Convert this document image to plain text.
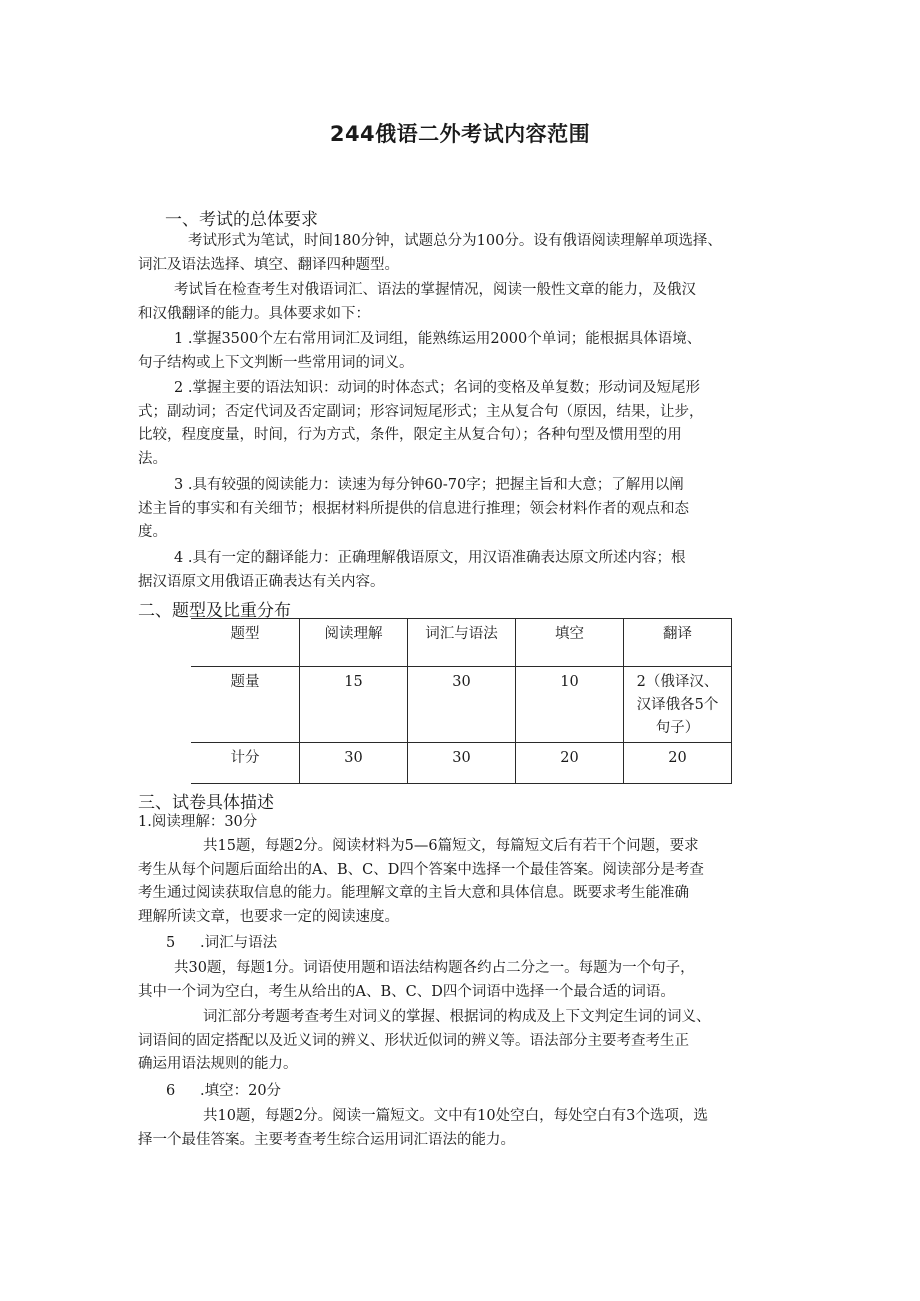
244俄语二外考试内容范围
一、考试的总体要求
考试形式为笔试，时间180分钟，试题总分为100分。设有俄语阅读理解单项选择、
词汇及语法选择、填空、翻译四种题型。
考试旨在检查考生对俄语词汇、语法的掌握情况，阅读一般性文章的能力，及俄汉
和汉俄翻译的能力。具体要求如下：
1 .掌握3500个左右常用词汇及词组，能熟练运用2000个单词；能根据具体语境、
句子结构或上下文判断一些常用词的词义。
2 .掌握主要的语法知识：动词的时体态式；名词的变格及单复数；形动词及短尾形
式；副动词；否定代词及否定副词；形容词短尾形式；主从复合句（原因，结果，让步，
比较，程度度量，时间，行为方式，条件，限定主从复合句）；各种句型及惯用型的用
法。
3 .具有较强的阅读能力：读速为每分钟60-70字；把握主旨和大意；了解用以阐
述主旨的事实和有关细节；根据材料所提供的信息进行推理；领会材料作者的观点和态
度。
4 .具有一定的翻译能力：正确理解俄语原文，用汉语准确表达原文所述内容；根
据汉语原文用俄语正确表达有关内容。
二、题型及比重分布
题型	阅读理解	词汇与语法	填空	翻译
题量	15	30	10	2（俄译汉、
汉译俄各5个
句子）

计分	30	30	20	20
三、试卷具体描述
1.阅读理解：30分
共15题，每题2分。阅读材料为5—6篇短文，每篇短文后有若干个问题，要求
考生从每个问题后面给出的A、B、C、D四个答案中选择一个最佳答案。阅读部分是考查
考生通过阅读获取信息的能力。能理解文章的主旨大意和具体信息。既要求考生能准确
理解所读文章，也要求一定的阅读速度。
5 .词汇与语法
共30题，每题1分。词语使用题和语法结构题各约占二分之一。每题为一个句子，
其中一个词为空白，考生从给出的A、B、C、D四个词语中选择一个最合适的词语。
词汇部分考题考查考生对词义的掌握、根据词的构成及上下文判定生词的词义、
词语间的固定搭配以及近义词的辨义、形状近似词的辨义等。语法部分主要考查考生正
确运用语法规则的能力。
6 .填空：20分
共10题，每题2分。阅读一篇短文。文中有10处空白，每处空白有3个选项，选
择一个最佳答案。主要考查考生综合运用词汇语法的能力。
